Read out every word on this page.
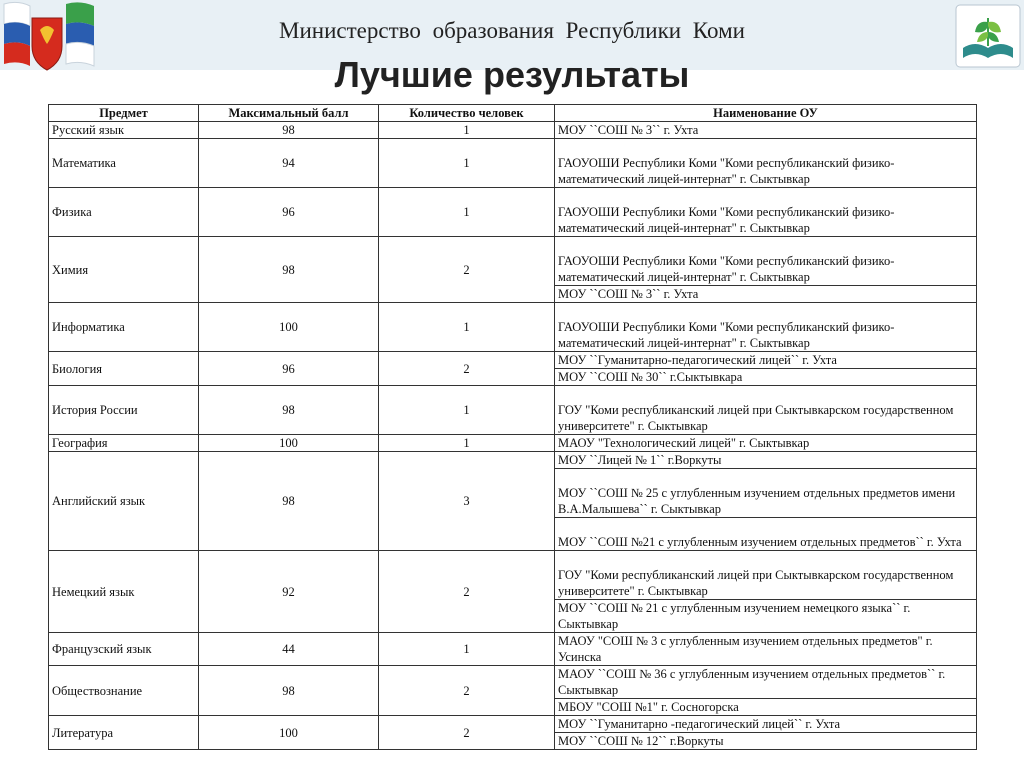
Министерство образования Республики Коми
Лучшие результаты
Предмет	Максимальный балл	Количество человек	Наименование ОУ
Русский язык	98	1	МОУ ``СОШ № 3`` г. Ухта
Математика	94	1	ГАОУОШИ Республики Коми "Коми республиканский физико-математический лицей-интернат" г. Сыктывкар
Физика	96	1	ГАОУОШИ Республики Коми "Коми республиканский физико-математический лицей-интернат" г. Сыктывкар
Химия	98	2	ГАОУОШИ Республики Коми "Коми республиканский физико-математический лицей-интернат" г. Сыктывкар
			МОУ ``СОШ № 3`` г. Ухта
Информатика	100	1	ГАОУОШИ Республики Коми "Коми республиканский физико-математический лицей-интернат" г. Сыктывкар
Биология	96	2	МОУ ``Гуманитарно-педагогический лицей`` г. Ухта
			МОУ ``СОШ № 30`` г.Сыктывкара
История России	98	1	ГОУ "Коми республиканский лицей при Сыктывкарском государственном университете" г. Сыктывкар
География	100	1	МАОУ "Технологический лицей" г. Сыктывкар
Английский язык	98	3	МОУ ``Лицей № 1`` г.Воркуты
			МОУ ``СОШ № 25 с углубленным изучением отдельных предметов имени В.А.Малышева`` г. Сыктывкар
			МОУ ``СОШ №21 с углубленным изучением отдельных предметов`` г. Ухта
Немецкий язык	92	2	ГОУ "Коми республиканский лицей при Сыктывкарском государственном университете" г. Сыктывкар
			МОУ ``СОШ № 21 с углубленным изучением немецкого языка`` г. Сыктывкар
Французский язык	44	1	МАОУ "СОШ № 3 с углубленным изучением отдельных предметов" г. Усинска
Обществознание	98	2	МАОУ ``СОШ № 36 с углубленным изучением отдельных предметов`` г. Сыктывкар
			МБОУ "СОШ №1" г. Сосногорска
Литература	100	2	МОУ ``Гуманитарно -педагогический лицей`` г. Ухта
			МОУ ``СОШ № 12`` г.Воркуты
